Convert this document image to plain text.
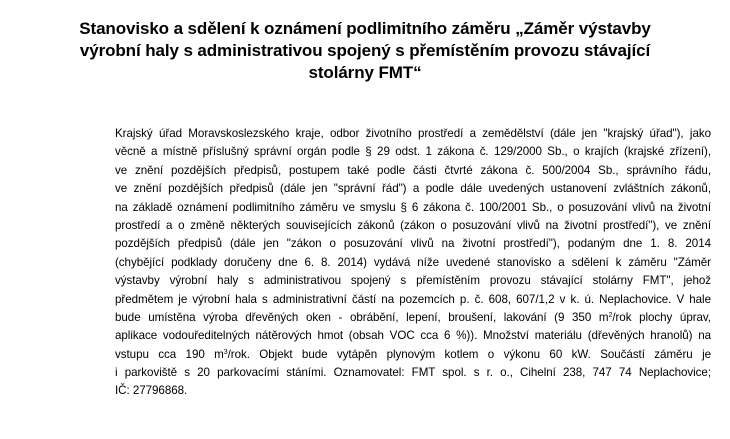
Stanovisko a sdělení k oznámení podlimitního záměru „Záměr výstavby
výrobní haly s administrativou spojený s přemístěním provozu stávající
stolárny FMT“
Krajský úřad Moravskoslezského kraje, odbor životního prostředí a zemědělství (dále jen "krajský úřad"), jako
věcně a místně příslušný správní orgán podle § 29 odst. 1 zákona č. 129/2000 Sb., o krajích (krajské zřízení),
ve znění pozdějších předpisů, postupem také podle části čtvrté zákona č. 500/2004 Sb., správního řádu,
ve znění pozdějších předpisů (dále jen "správní řád") a podle dále uvedených ustanovení zvláštních zákonů,
na základě oznámení podlimitního záměru ve smyslu § 6 zákona č. 100/2001 Sb., o posuzování vlivů na životní
prostředí a o změně některých souvisejících zákonů (zákon o posuzování vlivů na životní prostředí"), ve znění
pozdějších předpisů (dále jen "zákon o posuzování vlivů na životní prostředí"), podaným dne 1. 8. 2014
(chybějící podklady doručeny dne 6. 8. 2014) vydává níže uvedené stanovisko a sdělení k záměru "Záměr
výstavby výrobní haly s administrativou spojený s přemístěním provozu stávající stolárny FMT", jehož
předmětem je výrobní hala s administrativní částí na pozemcích p. č. 608, 607/1,2 v k. ú. Neplachovice. V hale
bude umístěna výroba dřevěných oken - obrábění, lepení, broušení, lakování (9 350 $m^2$/rok plochy úprav,
aplikace vodouředitelných nátěrových hmot (obsah VOC cca 6 %)). Množství materiálu (dřevěných hranolů) na
vstupu cca 190 $m^3$/rok. Objekt bude vytápěn plynovým kotlem o výkonu 60 kW. Součástí záměru je
i parkoviště s 20 parkovacími stáními. Oznamovatel: FMT spol. s r. o., Cihelní 238, 747 74 Neplachovice;
IČ: 27796868.
